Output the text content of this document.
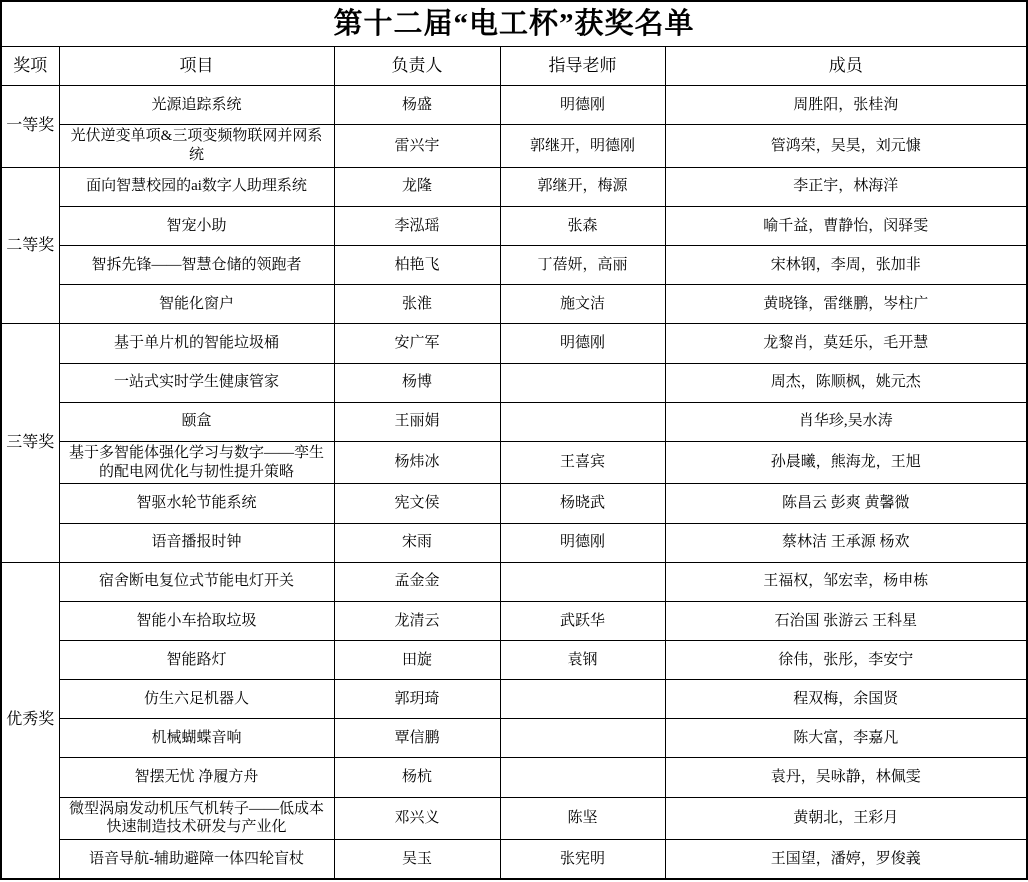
第十二届“电工杯”获奖名单				
奖项	项目	负责人	指导老师	成员
一等奖	光源追踪系统	杨盛	明德刚	周胜阳，张桂洵
	光伏逆变单项&三项变频物联网并网系统	雷兴宇	郭继开，明德刚	管鸿荣，吴昊，刘元慷
二等奖	面向智慧校园的ai数字人助理系统	龙隆	郭继开，梅源	李正宇，林海洋
	智宠小助	李泓瑶	张森	喻千益，曹静怡，闵驿雯
	智拆先锋——智慧仓储的领跑者	柏艳飞	丁蓓妍，高丽	宋林钢，李周，张加非
	智能化窗户	张淮	施文洁	黄晓锋，雷继鹏，岑柱广
三等奖	基于单片机的智能垃圾桶	安广军	明德刚	龙黎肖，莫廷乐，毛开慧
	一站式实时学生健康管家	杨博		周杰，陈顺枫，姚元杰
	颐盒	王丽娟		肖华珍,吴水涛
	基于多智能体强化学习与数字——孪生的配电网优化与韧性提升策略	杨炜冰	王喜宾	孙晨曦，熊海龙，王旭
	智驱水轮节能系统	宪文侯	杨晓武	陈昌云 彭爽 黄馨微
	语音播报时钟	宋雨	明德刚	蔡林洁 王承源 杨欢
优秀奖	宿舍断电复位式节能电灯开关	孟金金		王福权，邹宏幸，杨申栋
	智能小车拾取垃圾	龙清云	武跃华	石治国 张游云 王科星
	智能路灯	田旋	袁钢	徐伟，张彤，李安宁
	仿生六足机器人	郭玥琦		程双梅，余国贤
	机械蝴蝶音响	覃信鹏		陈大富，李嘉凡
	智摆无忧 净履方舟	杨杭		袁丹，吴咏静，林佩雯
	微型涡扇发动机压气机转子——低成本快速制造技术研发与产业化	邓兴义	陈坚	黄朝北，王彩月
	语音导航-辅助避障一体四轮盲杖	吴玉	张宪明	王国望，潘婷，罗俊義
